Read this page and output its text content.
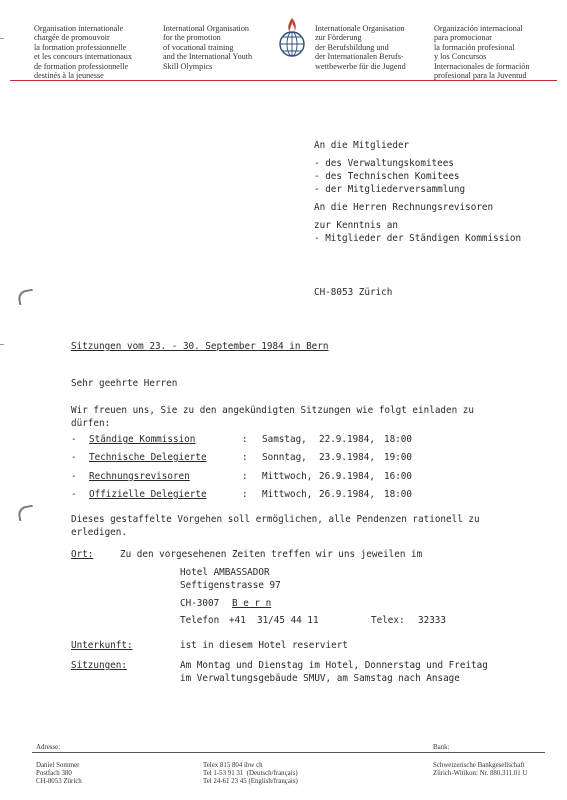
Organisation internationale
chargée de promouvoir
la formation professionnelle
et les concours internationaux
de formation professionnelle
destinés à la jeunesse

International Organisation
for the promotion
of vocational training
and the International Youth
Skill Olympics

Internationale Organisation
zur Förderung
der Berufsbildung und
der Internationalen Berufs-
wettbewerbe für die Jugend

Organización internacional
para promocionar
la formación profesional
y los Concursos
Internacionales de formación
profesional para la Juventud

An die Mitglieder
- des Verwaltungskomitees
- des Technischen Komitees
- der Mitgliederversammlung
An die Herren Rechnungsrevisoren
zur Kenntnis an
- Mitglieder der Ständigen Kommission
CH-8053 Zürich
Sitzungen vom 23. - 30. September 1984 in Bern
Sehr geehrte Herren
Wir freuen uns, Sie zu den angekündigten Sitzungen wie folgt einladen zu
dürfen:
- Ständige Kommission	: Samstag, 22.9.1984, 18:00
- Technische Delegierte	: Sonntag, 23.9.1984, 19:00
- Rechnungsrevisoren	: Mittwoch, 26.9.1984, 16:00
- Offizielle Delegierte	: Mittwoch, 26.9.1984, 18:00
Dieses gestaffelte Vorgehen soll ermöglichen, alle Pendenzen rationell zu
erledigen.
Ort:	Zu den vorgesehenen Zeiten treffen wir uns jeweilen im
Hotel AMBASSADOR
Seftigenstrasse 97
CH-3007 B e r n
Telefon +41  31/45 44 11	Telex: 32333
Unterkunft:	ist in diesem Hotel reserviert
Sitzungen:	Am Montag und Dienstag im Hotel, Donnerstag und Freitag
im Verwaltungsgebäude SMUV, am Samstag nach Ansage
Adresse:	Bank:
Daniel Sommer
Postfach 380
CH-8053 Zürich
Telex 815 804 ibw ch
Tel 1-53 91 31  (Deutsch/français)
Tel 24-61 23 45 (English/français)
Schweizerische Bankgesellschaft
Zürich-Witikon: Nr. 880.311.01 U
